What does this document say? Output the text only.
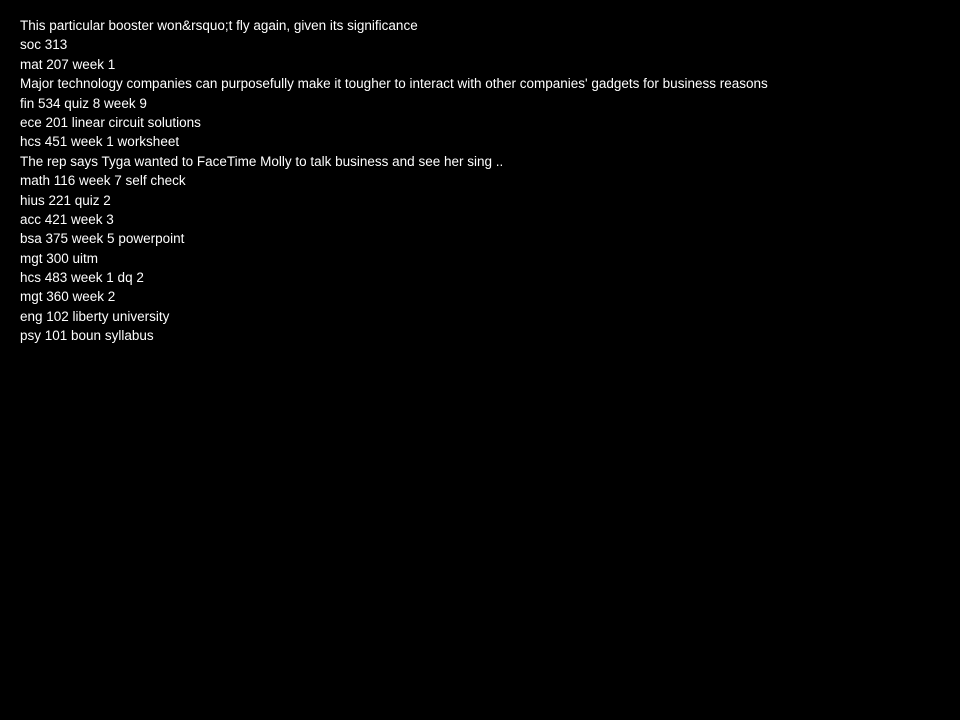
This particular booster won&rsquo;t fly again, given its significance
soc 313
mat 207 week 1
Major technology companies can purposefully make it tougher to interact with other companies' gadgets for business reasons
fin 534 quiz 8 week 9
ece 201 linear circuit solutions
hcs 451 week 1 worksheet
The rep says Tyga wanted to FaceTime Molly to talk business and see her sing ..
math 116 week 7 self check
hius 221 quiz 2
acc 421 week 3
bsa 375 week 5 powerpoint
mgt 300 uitm
hcs 483 week 1 dq 2
mgt 360 week 2
eng 102 liberty university
psy 101 boun syllabus
